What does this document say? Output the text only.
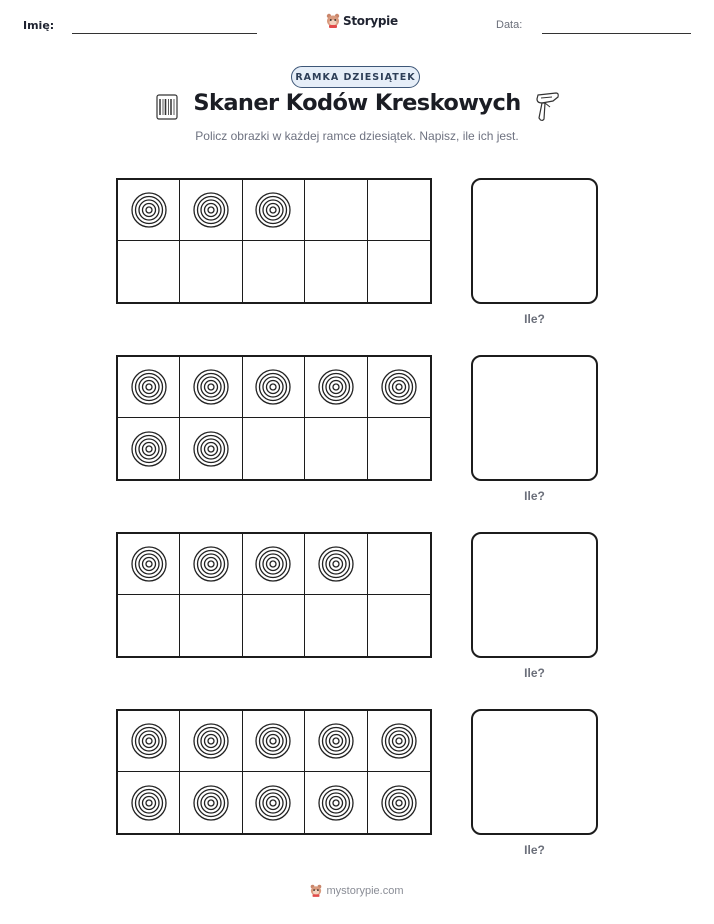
Imię:	Storypie	Data:
RAMKA DZIESIĄTEK
Skaner Kodów Kreskowych
Policz obrazki w każdej ramce dziesiątek. Napisz, ile ich jest.
Ile?
Ile?
Ile?
Ile?
mystorypie.com
